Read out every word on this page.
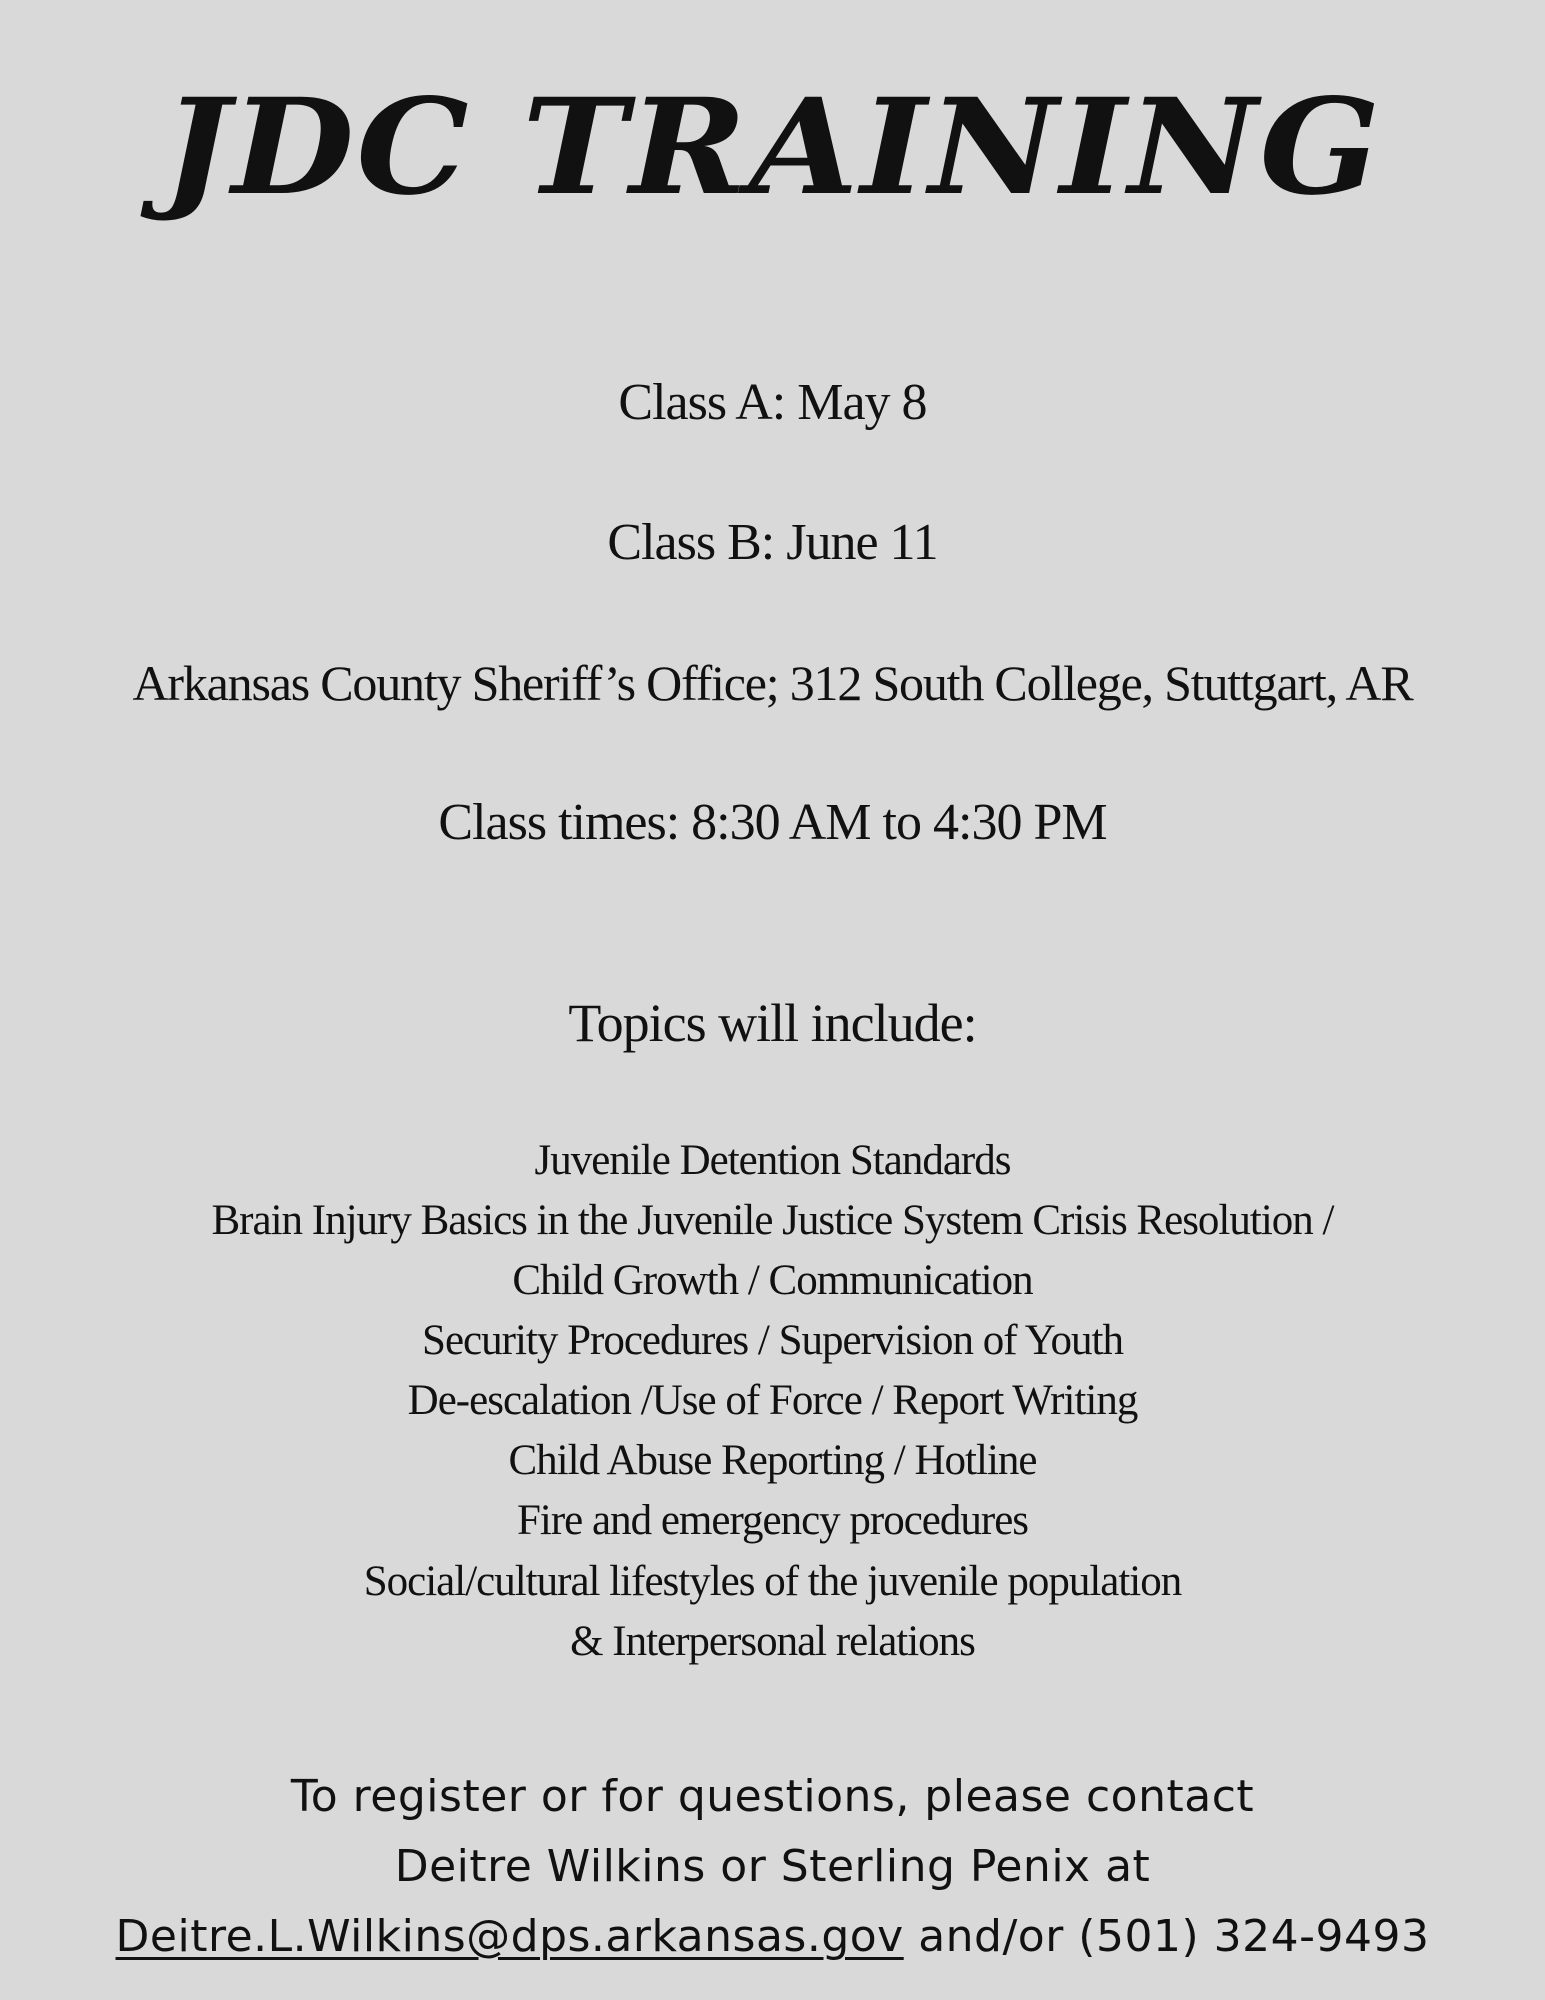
JDC TRAINING
Class A: May 8
Class B: June 11
Arkansas County Sheriff’s Office; 312 South College, Stuttgart, AR
Class times: 8:30 AM to 4:30 PM
Topics will include:
Juvenile Detention Standards
Brain Injury Basics in the Juvenile Justice System Crisis Resolution /
Child Growth / Communication
Security Procedures / Supervision of Youth
De-escalation /Use of Force / Report Writing
Child Abuse Reporting / Hotline
Fire and emergency procedures
Social/cultural lifestyles of the juvenile population
& Interpersonal relations
To register or for questions, please contact
Deitre Wilkins or Sterling Penix at
Deitre.L.Wilkins@dps.arkansas.gov and/or (501) 324-9493
